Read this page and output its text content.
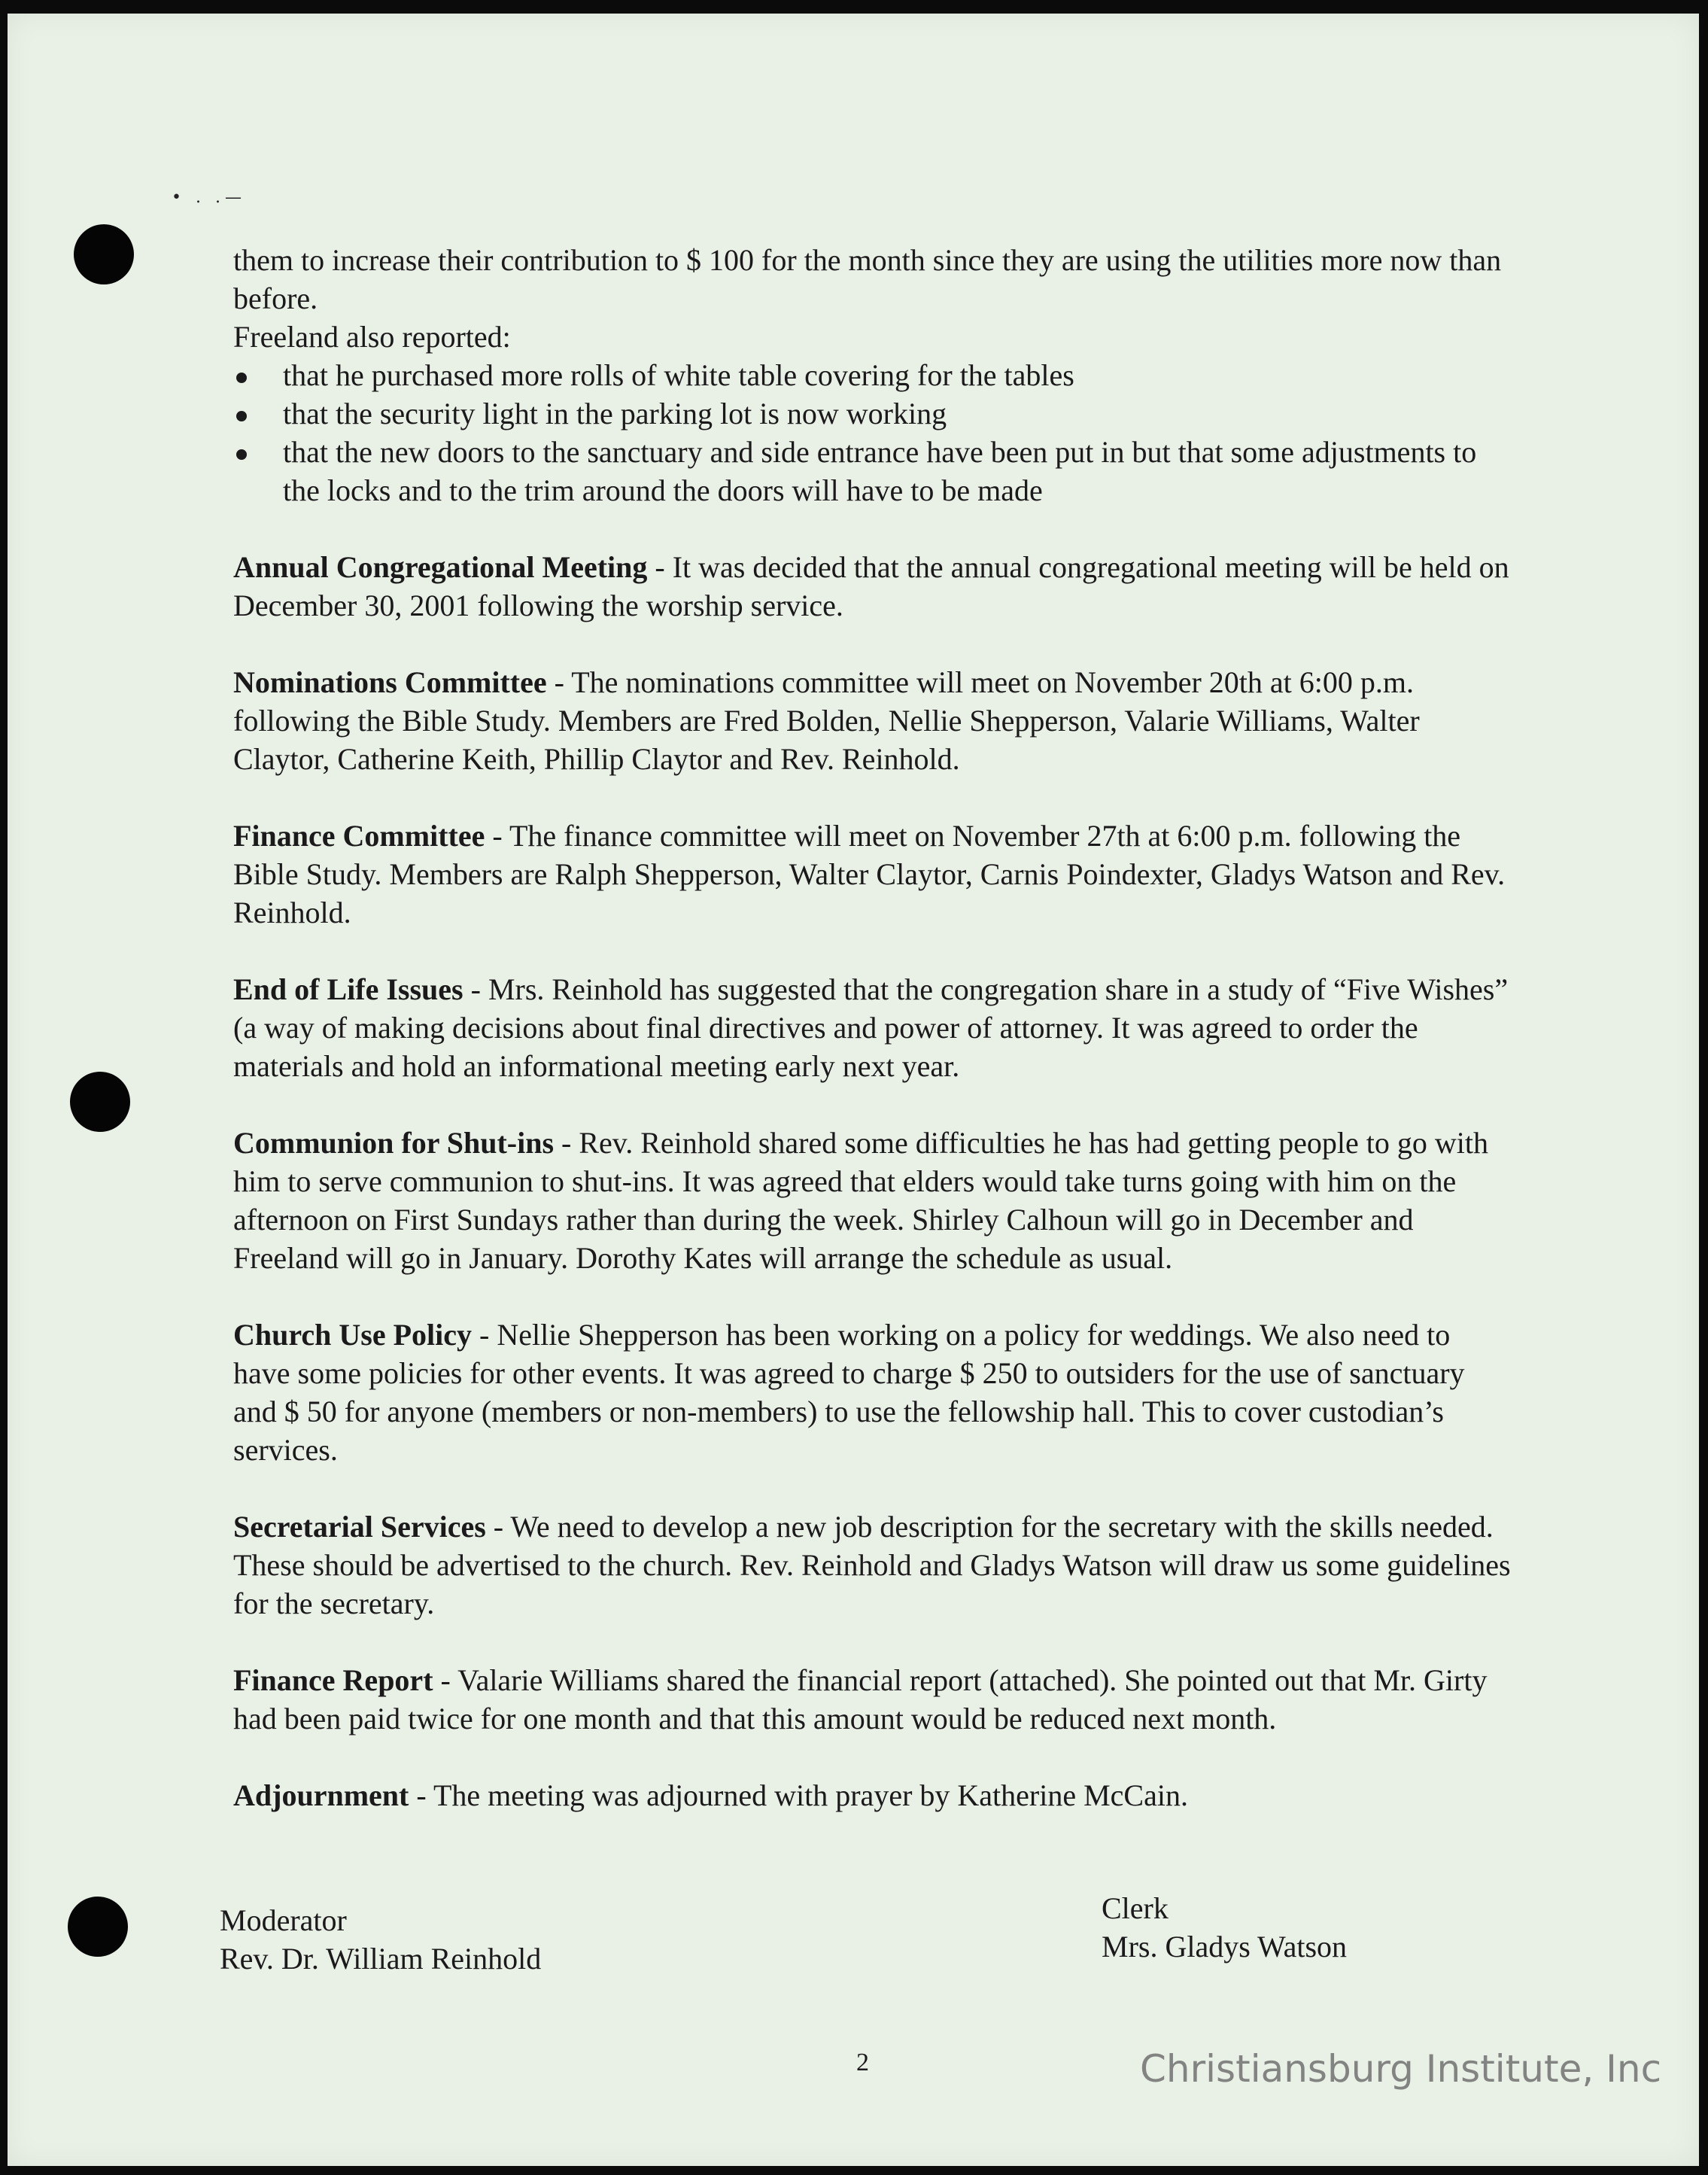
• . .—

them to increase their contribution to $ 100 for the month since they are using the utilities more now than before.

Freeland also reported:

that he purchased more rolls of white table covering for the tables
that the security light in the parking lot is now working
that the new doors to the sanctuary and side entrance have been put in but that some adjustments to the locks and to the trim around the doors will have to be made

Annual Congregational Meeting - It was decided that the annual congregational meeting will be held on December 30, 2001 following the worship service.

Nominations Committee - The nominations committee will meet on November 20th at 6:00 p.m. following the Bible Study. Members are Fred Bolden, Nellie Shepperson, Valarie Williams, Walter Claytor, Catherine Keith, Phillip Claytor and Rev. Reinhold.

Finance Committee - The finance committee will meet on November 27th at 6:00 p.m. following the Bible Study. Members are Ralph Shepperson, Walter Claytor, Carnis Poindexter, Gladys Watson and Rev. Reinhold.

End of Life Issues - Mrs. Reinhold has suggested that the congregation share in a study of “Five Wishes” (a way of making decisions about final directives and power of attorney. It was agreed to order the materials and hold an informational meeting early next year.

Communion for Shut-ins - Rev. Reinhold shared some difficulties he has had getting people to go with him to serve communion to shut-ins. It was agreed that elders would take turns going with him on the afternoon on First Sundays rather than during the week. Shirley Calhoun will go in December and Freeland will go in January. Dorothy Kates will arrange the schedule as usual.

Church Use Policy - Nellie Shepperson has been working on a policy for weddings. We also need to have some policies for other events. It was agreed to charge $ 250 to outsiders for the use of sanctuary and $ 50 for anyone (members or non-members) to use the fellowship hall. This to cover custodian’s services.

Secretarial Services - We need to develop a new job description for the secretary with the skills needed. These should be advertised to the church. Rev. Reinhold and Gladys Watson will draw us some guidelines for the secretary.

Finance Report - Valarie Williams shared the financial report (attached). She pointed out that Mr. Girty had been paid twice for one month and that this amount would be reduced next month.

Adjournment - The meeting was adjourned with prayer by Katherine McCain.

Moderator
Rev. Dr. William Reinhold
Clerk
Mrs. Gladys Watson
2	Christiansburg Institute, Inc
